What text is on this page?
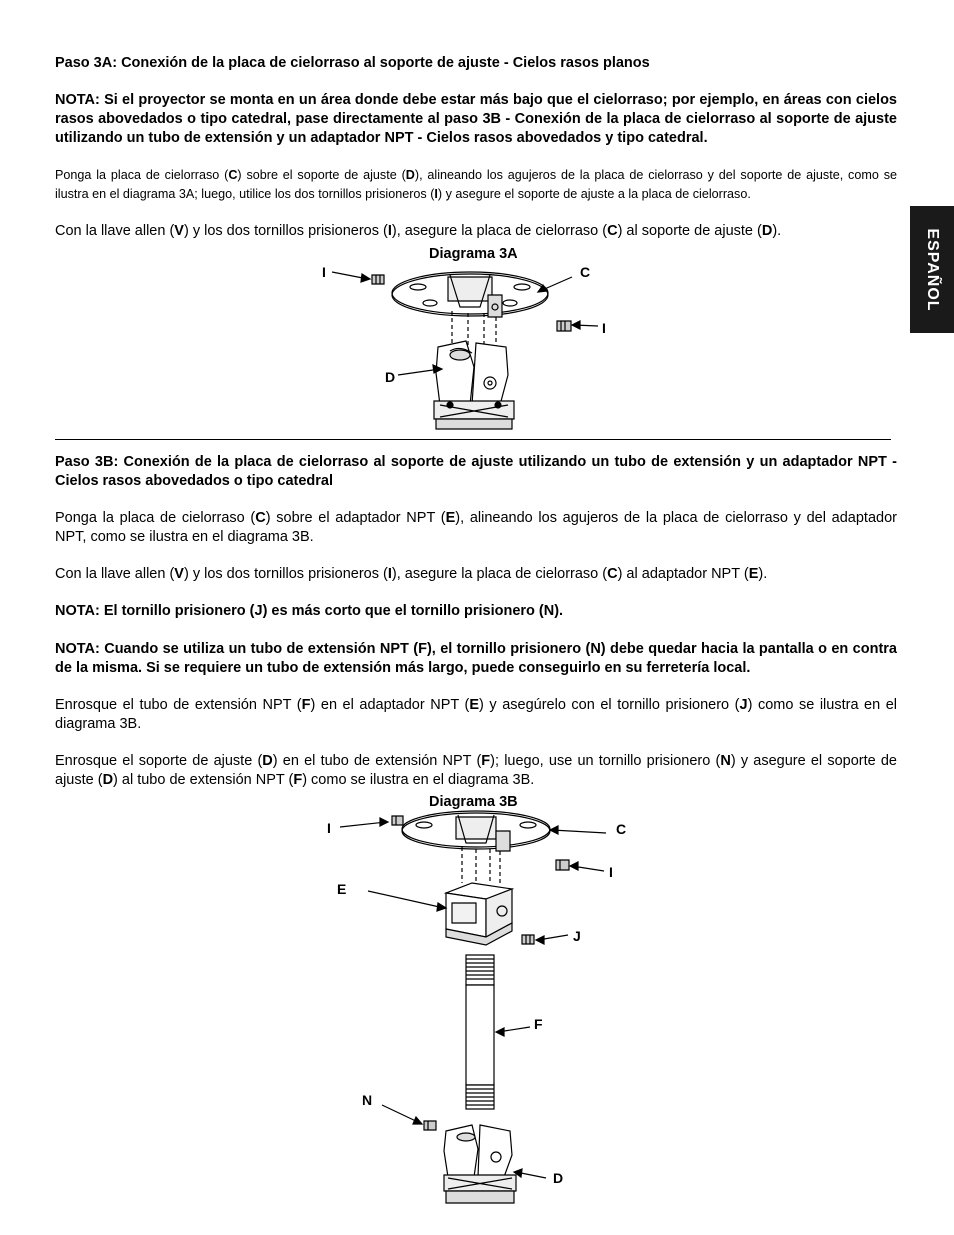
ESPAÑOL

Paso 3A: Conexión de la placa de cielorraso al soporte de ajuste - Cielos rasos planos

NOTA: Si el proyector se monta en un área donde debe estar más bajo que el cielorraso; por ejemplo, en áreas con cielos rasos abovedados o tipo catedral, pase directamente al paso 3B - Conexión de la placa de cielorraso al soporte de ajuste utilizando un tubo de extensión y un adaptador NPT - Cielos rasos abovedados y tipo catedral.

Ponga la placa de cielorraso (C) sobre el soporte de ajuste (D), alineando los agujeros de la placa de cielorraso y del soporte de ajuste, como se ilustra en el diagrama 3A; luego, utilice los dos tornillos prisioneros (I) y asegure el soporte de ajuste a la placa de cielorraso.

Con la llave allen (V) y los dos tornillos prisioneros (I), asegure la placa de cielorraso (C) al soporte de ajuste (D).

Diagrama 3A
I	C
I
D

Paso 3B: Conexión de la placa de cielorraso al soporte de ajuste utilizando un tubo de extensión y un adaptador NPT - Cielos rasos abovedados o tipo catedral

Ponga la placa de cielorraso (C) sobre el adaptador NPT (E), alineando los agujeros de la placa de cielorraso y del adaptador NPT, como se ilustra en el diagrama 3B.

Con la llave allen (V) y los dos tornillos prisioneros (I), asegure la placa de cielorraso (C) al adaptador NPT (E).

NOTA: El tornillo prisionero (J) es más corto que el tornillo prisionero (N).

NOTA: Cuando se utiliza un tubo de extensión NPT (F), el tornillo prisionero (N) debe quedar hacia la pantalla o en contra de la misma. Si se requiere un tubo de extensión más largo, puede conseguirlo en su ferretería local.

Enrosque el tubo de extensión NPT (F) en el adaptador NPT (E) y asegúrelo con el tornillo prisionero (J) como se ilustra en el diagrama 3B.

Enrosque el soporte de ajuste (D) en el tubo de extensión NPT (F); luego, use un tornillo prisionero (N) y asegure el soporte de ajuste (D) al tubo de extensión NPT (F) como se ilustra en el diagrama 3B.

Diagrama 3B
I	C
I
E
J
F
N
D
